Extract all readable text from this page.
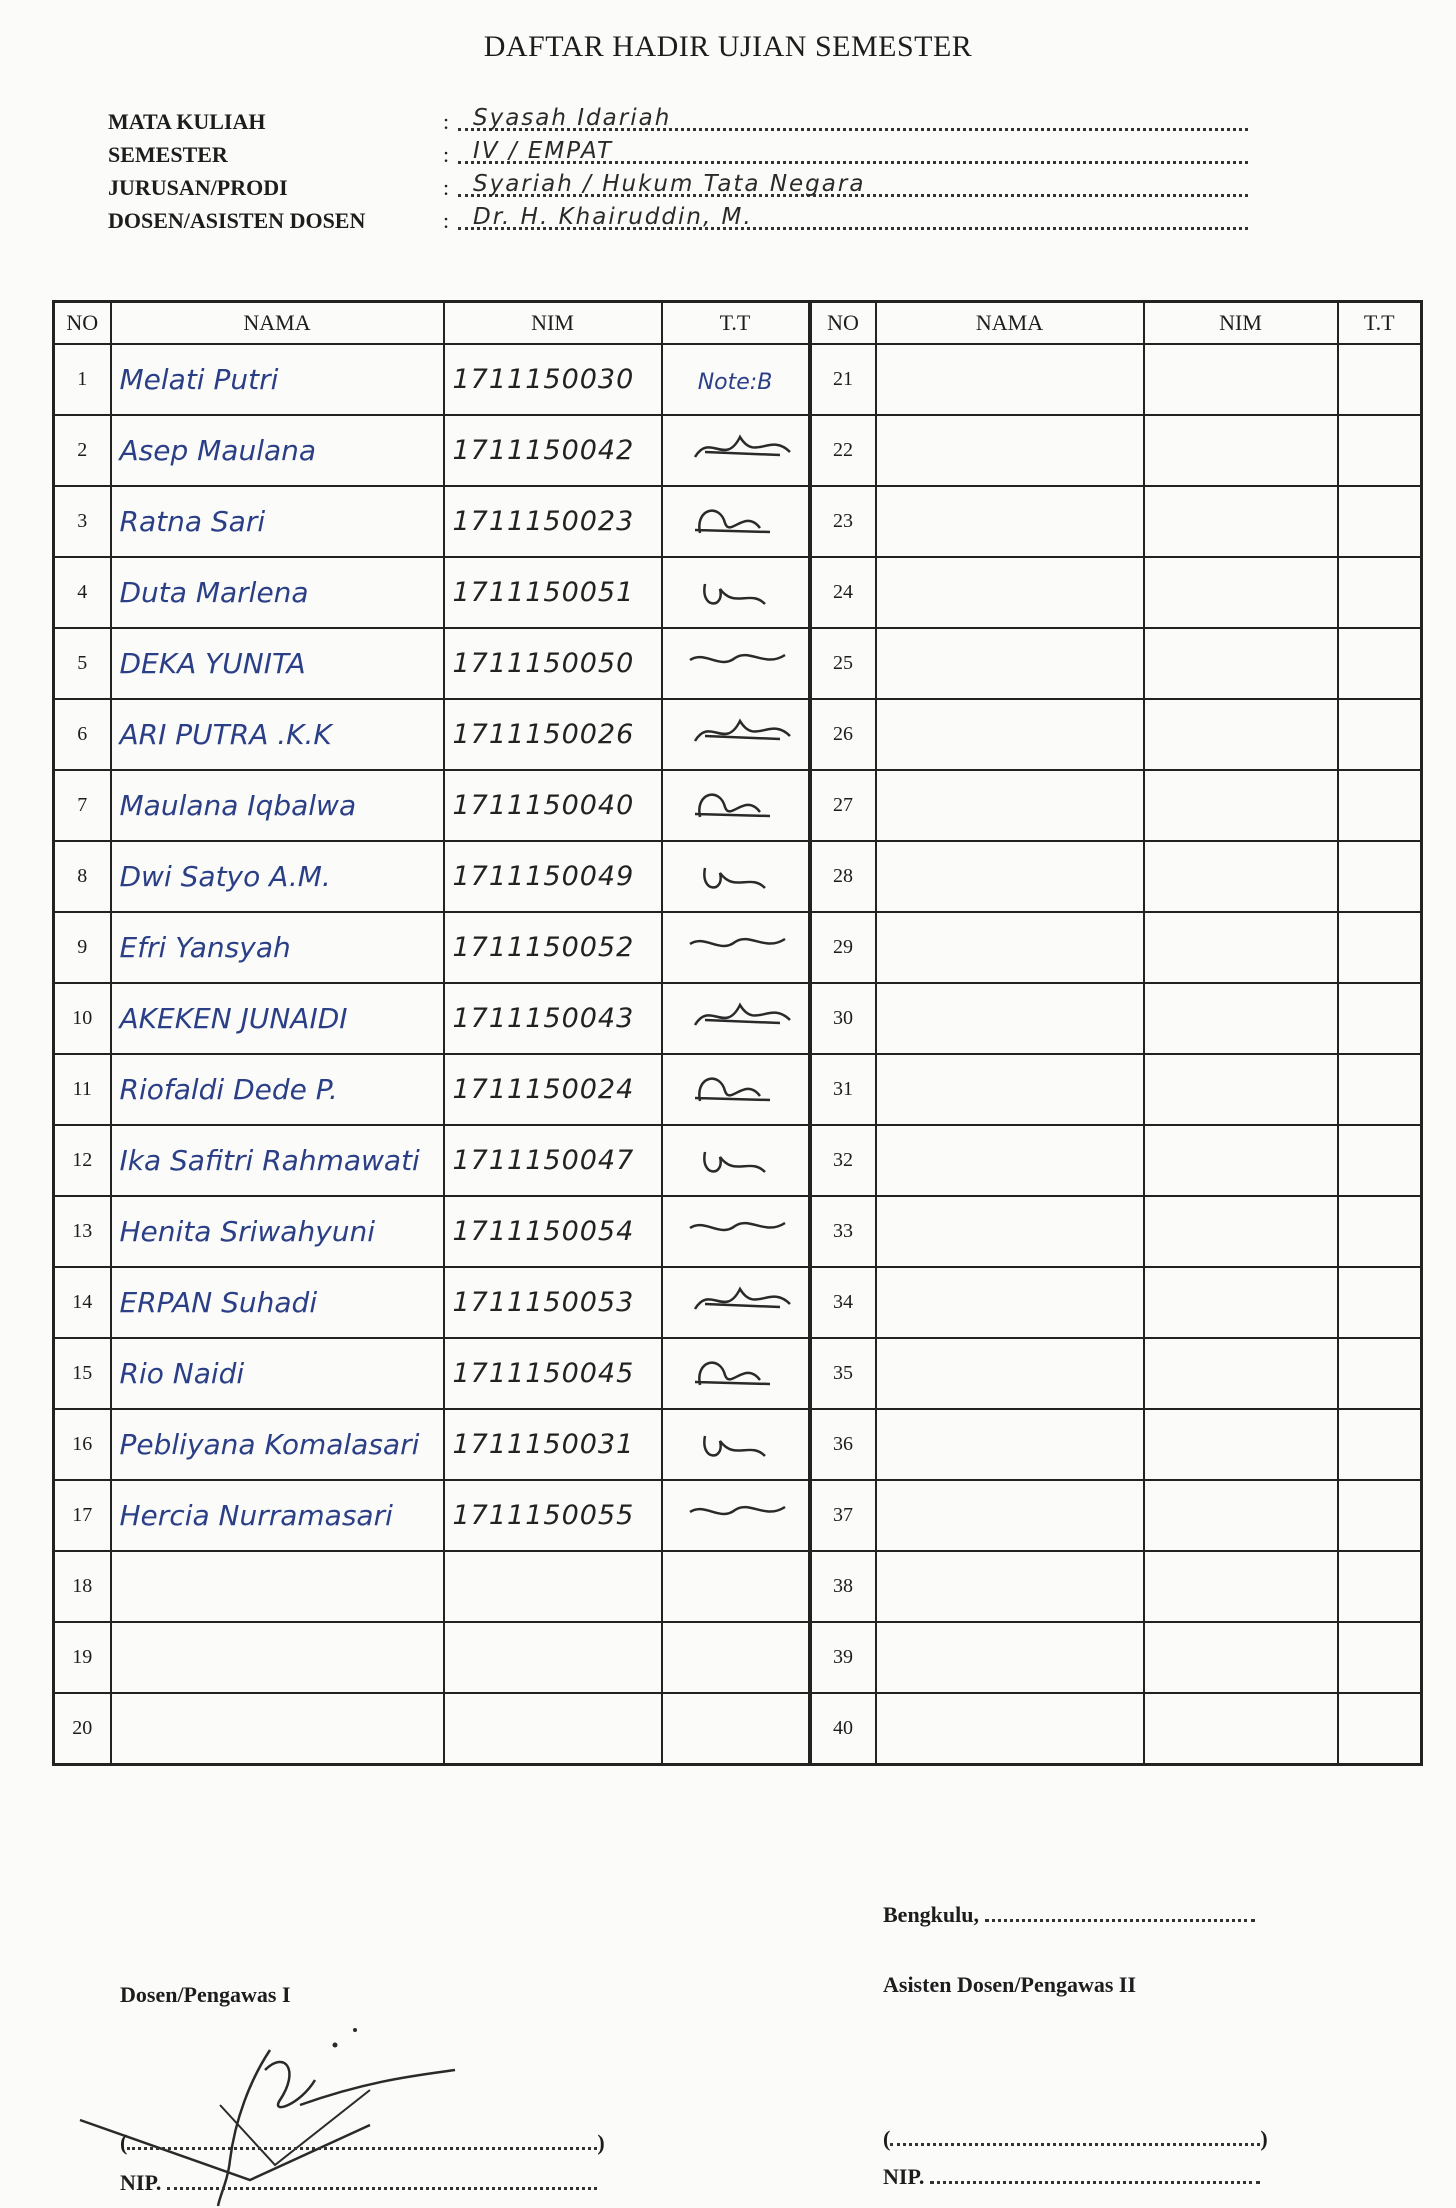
DAFTAR HADIR UJIAN SEMESTER
MATA KULIAH	: Syasah Idariah
SEMESTER	: IV / EMPAT
JURUSAN/PRODI	: Syariah / Hukum Tata Negara
DOSEN/ASISTEN DOSEN	: Dr. H. Khairuddin, M.
NO	NAMA	NIM	T.T	NO	NAMA	NIM	T.T
1	Melati Putri	1711150030	Note:B	21			
2	Asep Maulana	1711150042		22			
3	Ratna Sari	1711150023		23			
4	Duta Marlena	1711150051		24			
5	DEKA YUNITA	1711150050		25			
6	ARI PUTRA .K.K	1711150026		26			
7	Maulana Iqbalwa	1711150040		27			
8	Dwi Satyo A.M.	1711150049		28			
9	Efri Yansyah	1711150052		29			
10	AKEKEN JUNAIDI	1711150043		30			
11	Riofaldi Dede P.	1711150024		31			
12	Ika Safitri Rahmawati	1711150047		32			
13	Henita Sriwahyuni	1711150054		33			
14	ERPAN Suhadi	1711150053		34			
15	Rio Naidi	1711150045		35			
16	Pebliyana Komalasari	1711150031		36			
17	Hercia Nurramasari	1711150055		37			
18				38			
19				39			
20				40			
Bengkulu,
Dosen/Pengawas I	Asisten Dosen/Pengawas II
(	)
NIP.
(	)
NIP.
